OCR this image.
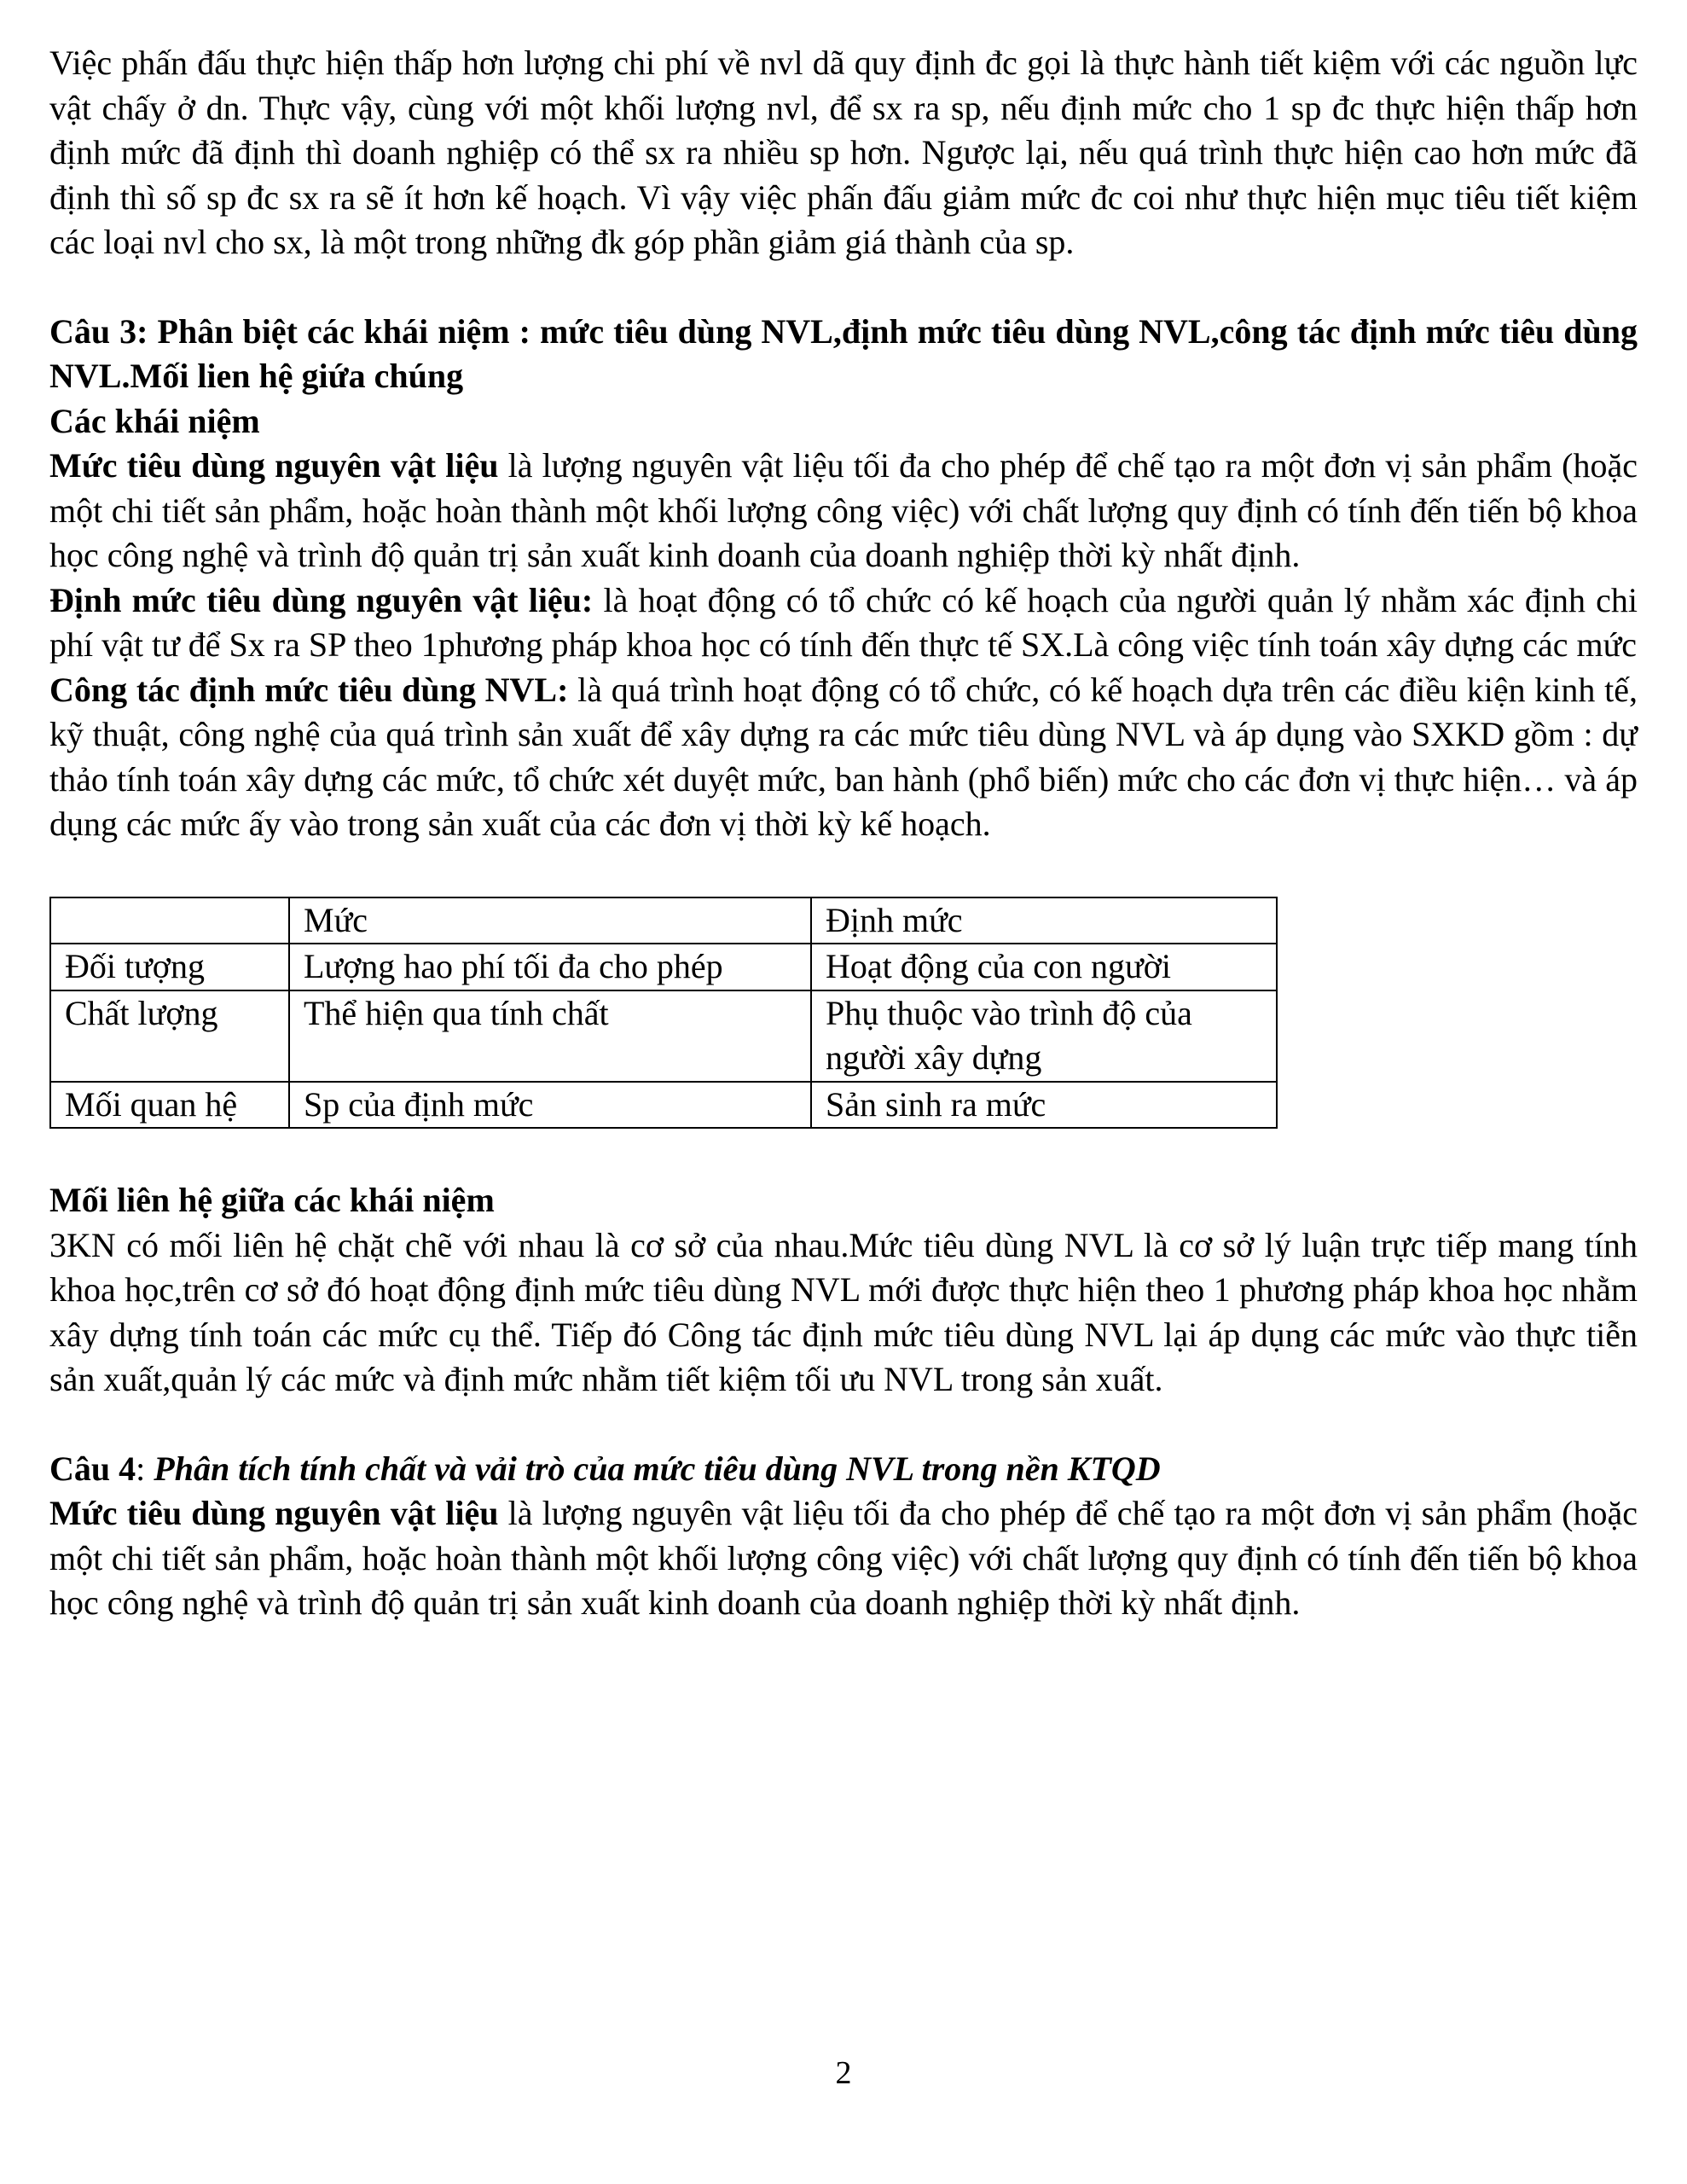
Việc phấn đấu thực hiện thấp hơn lượng chi phí về nvl dã quy định đc gọi là thực hành tiết kiệm với các nguồn lực vật chấy ở dn. Thực vậy, cùng với một khối lượng nvl, để sx ra sp, nếu định mức cho 1 sp đc thực hiện thấp hơn định mức đã định thì doanh nghiệp có thể sx ra nhiều sp hơn. Ngược lại, nếu quá trình thực hiện cao hơn mức đã định thì số sp đc sx ra sẽ ít hơn kế hoạch. Vì vậy việc phấn đấu giảm mức đc coi như thực hiện mục tiêu tiết kiệm các loại nvl cho sx, là một trong những đk góp phần giảm giá thành của sp.

Câu 3: Phân biệt các khái niệm : mức tiêu dùng NVL,định mức tiêu dùng NVL,công tác định mức tiêu dùng NVL.Mối lien hệ giứa chúng

Các khái niệm

Mức tiêu dùng nguyên vật liệu là lượng nguyên vật liệu tối đa cho phép để chế tạo ra một đơn vị sản phẩm (hoặc một chi tiết sản phẩm, hoặc hoàn thành một khối lượng công việc) với chất lượng quy định có tính đến tiến bộ khoa học công nghệ và trình độ quản trị sản xuất kinh doanh của doanh nghiệp thời kỳ nhất định.

Định mức tiêu dùng nguyên vật liệu: là hoạt động có tổ chức có kế hoạch của người quản lý nhằm xác định chi phí vật tư để Sx ra SP theo 1phương pháp khoa học có tính đến thực tế SX.Là công việc tính toán xây dựng các mức

Công tác định mức tiêu dùng NVL: là quá trình hoạt động có tổ chức, có kế hoạch dựa trên các điều kiện kinh tế, kỹ thuật, công nghệ của quá trình sản xuất để xây dựng ra các mức tiêu dùng NVL và áp dụng vào SXKD gồm : dự thảo tính toán xây dựng các mức, tổ chức xét duyệt mức, ban hành (phổ biến) mức cho các đơn vị thực hiện… và áp dụng các mức ấy vào trong sản xuất của các đơn vị thời kỳ kế hoạch.

	Mức	Định mức
Đối tượng	Lượng hao phí tối đa cho phép	Hoạt động của con người
Chất lượng	Thể hiện qua tính chất	Phụ thuộc vào trình độ của người xây dựng
Mối quan hệ	Sp của định mức	Sản sinh ra mức

Mối liên hệ giữa các khái niệm

3KN có mối liên hệ chặt chẽ với nhau là cơ sở của nhau.Mức tiêu dùng NVL là cơ sở lý luận trực tiếp mang tính khoa học,trên cơ sở đó hoạt động định mức tiêu dùng NVL mới được thực hiện theo 1 phương pháp khoa học nhằm xây dựng tính toán các mức cụ thể. Tiếp đó Công tác định mức tiêu dùng NVL lại áp dụng các mức vào thực tiễn sản xuất,quản lý các mức và định mức nhằm tiết kiệm tối ưu NVL trong sản xuất.

Câu 4: Phân tích tính chất và vải trò của mức tiêu dùng NVL trong nền KTQD

Mức tiêu dùng nguyên vật liệu là lượng nguyên vật liệu tối đa cho phép để chế tạo ra một đơn vị sản phẩm (hoặc một chi tiết sản phẩm, hoặc hoàn thành một khối lượng công việc) với chất lượng quy định có tính đến tiến bộ khoa học công nghệ và trình độ quản trị sản xuất kinh doanh của doanh nghiệp thời kỳ nhất định.

2
